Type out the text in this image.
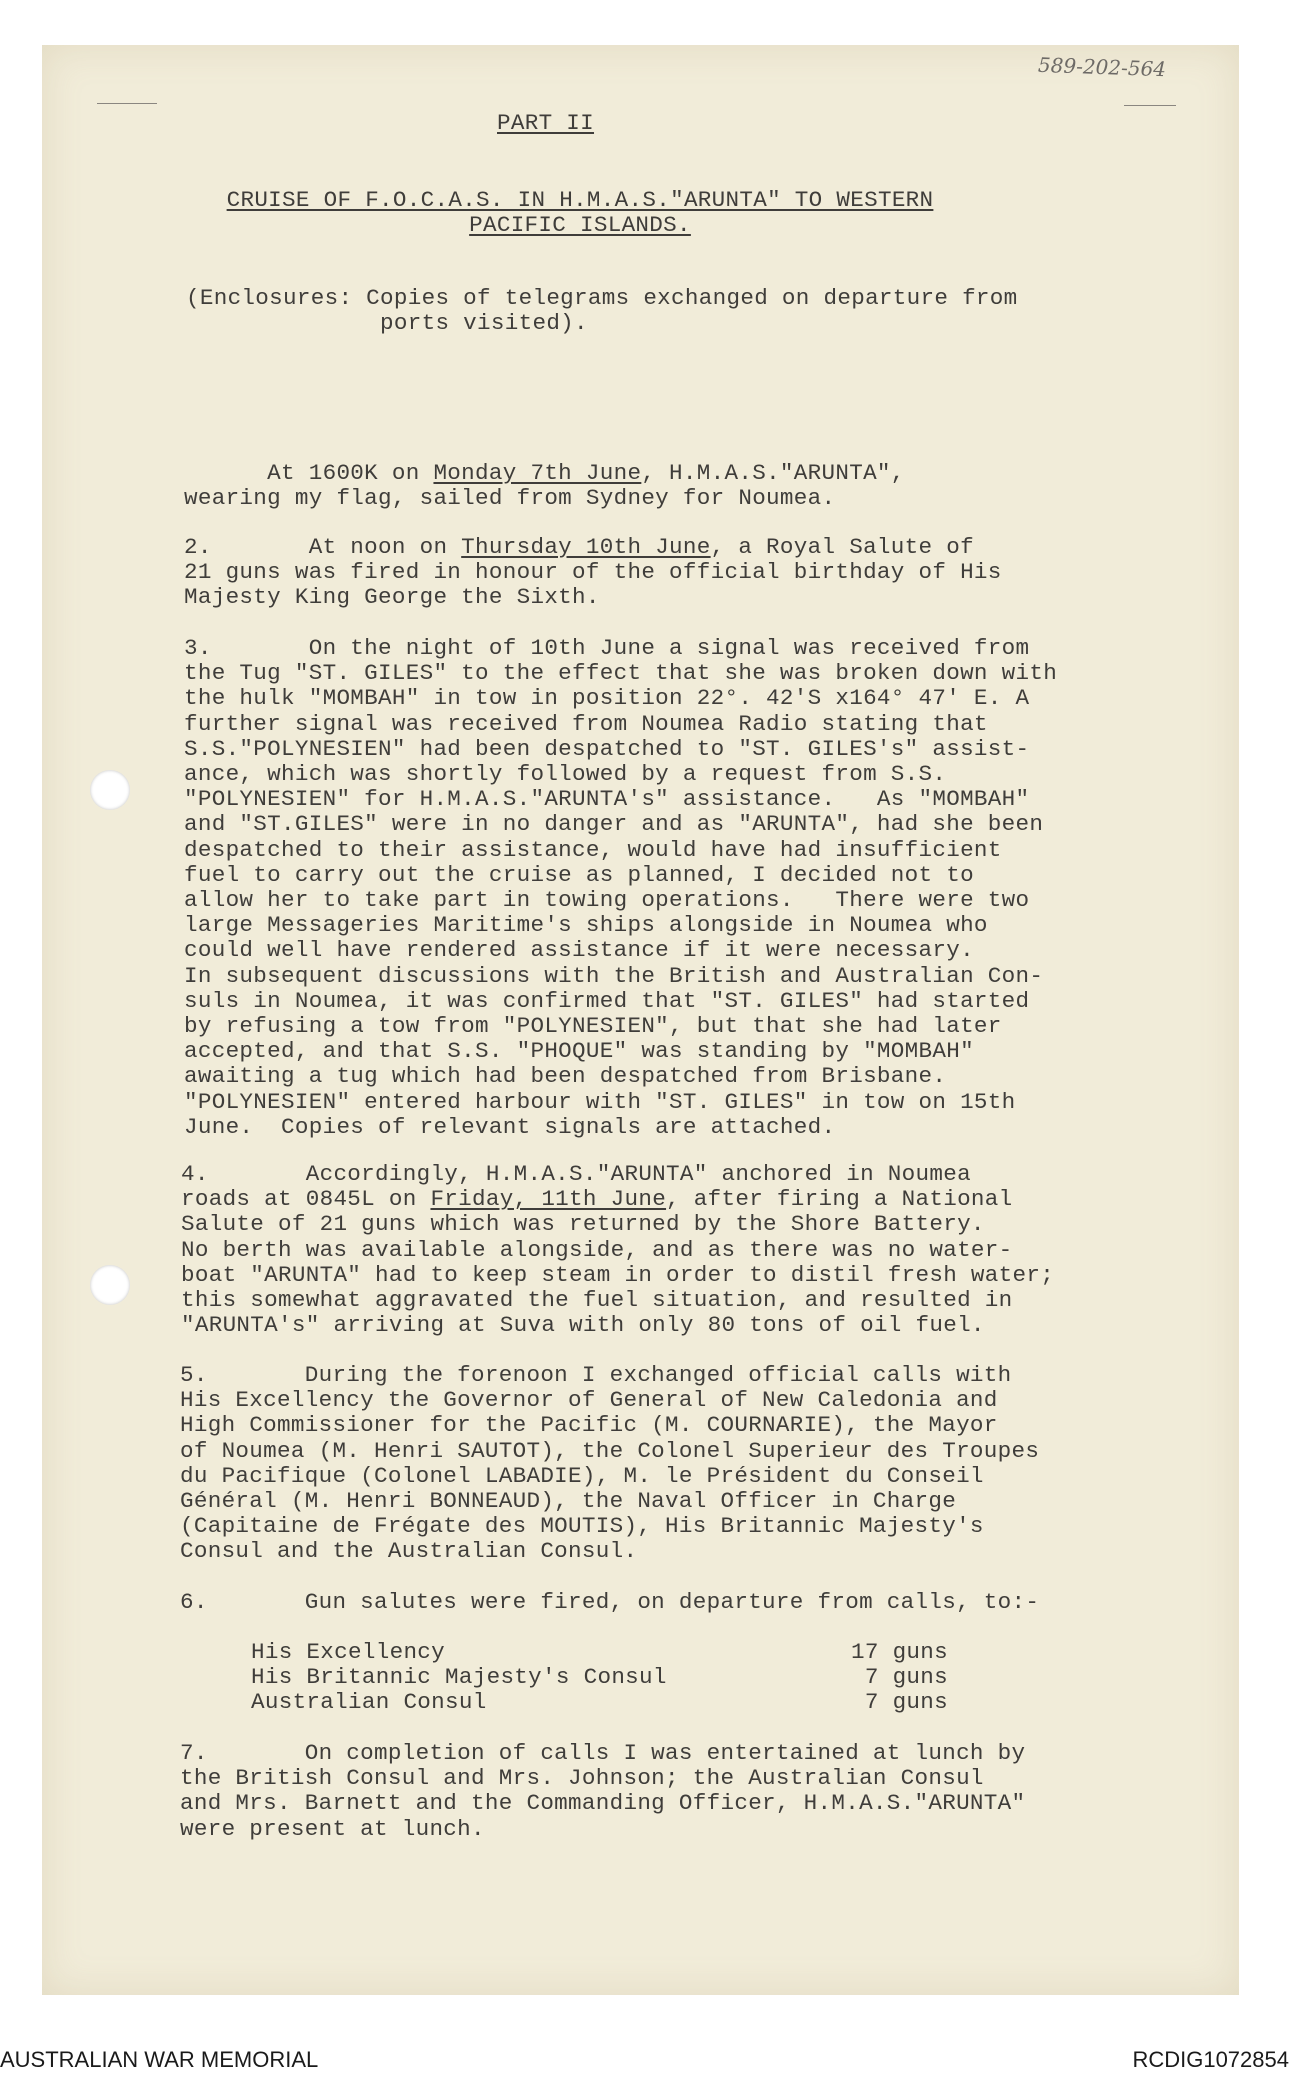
589-202-564
PART II
CRUISE OF F.O.C.A.S. IN H.M.A.S."ARUNTA" TO WESTERN
PACIFIC ISLANDS.
(Enclosures: Copies of telegrams exchanged on departure from
ports visited).
At 1600K on Monday 7th June, H.M.A.S."ARUNTA",
wearing my flag, sailed from Sydney for Noumea.
2.       At noon on Thursday 10th June, a Royal Salute of
21 guns was fired in honour of the official birthday of His
Majesty King George the Sixth.
3.       On the night of 10th June a signal was received from
the Tug "ST. GILES" to the effect that she was broken down with
the hulk "MOMBAH" in tow in position 22°. 42'S x164° 47' E. A
further signal was received from Noumea Radio stating that
S.S."POLYNESIEN" had been despatched to "ST. GILES's" assist-
ance, which was shortly followed by a request from S.S.
"POLYNESIEN" for H.M.A.S."ARUNTA's" assistance.   As "MOMBAH"
and "ST.GILES" were in no danger and as "ARUNTA", had she been
despatched to their assistance, would have had insufficient
fuel to carry out the cruise as planned, I decided not to
allow her to take part in towing operations.   There were two
large Messageries Maritime's ships alongside in Noumea who
could well have rendered assistance if it were necessary.
In subsequent discussions with the British and Australian Con-
suls in Noumea, it was confirmed that "ST. GILES" had started
by refusing a tow from "POLYNESIEN", but that she had later
accepted, and that S.S. "PHOQUE" was standing by "MOMBAH"
awaiting a tug which had been despatched from Brisbane.
"POLYNESIEN" entered harbour with "ST. GILES" in tow on 15th
June.  Copies of relevant signals are attached.
4.       Accordingly, H.M.A.S."ARUNTA" anchored in Noumea
roads at 0845L on Friday, 11th June, after firing a National
Salute of 21 guns which was returned by the Shore Battery.
No berth was available alongside, and as there was no water-
boat "ARUNTA" had to keep steam in order to distil fresh water;
this somewhat aggravated the fuel situation, and resulted in
"ARUNTA's" arriving at Suva with only 80 tons of oil fuel.
5.       During the forenoon I exchanged official calls with
His Excellency the Governor of General of New Caledonia and
High Commissioner for the Pacific (M. COURNARIE), the Mayor
of Noumea (M. Henri SAUTOT), the Colonel Superieur des Troupes
du Pacifique (Colonel LABADIE), M. le Président du Conseil
Général (M. Henri BONNEAUD), the Naval Officer in Charge
(Capitaine de Frégate des MOUTIS), His Britannic Majesty's
Consul and the Australian Consul.
6.       Gun salutes were fired, on departure from calls, to:-
His Excellency
His Britannic Majesty's Consul
Australian Consul
17 guns
7 guns
7 guns
7.       On completion of calls I was entertained at lunch by
the British Consul and Mrs. Johnson; the Australian Consul
and Mrs. Barnett and the Commanding Officer, H.M.A.S."ARUNTA"
were present at lunch.
AUSTRALIAN WAR MEMORIAL	RCDIG1072854
